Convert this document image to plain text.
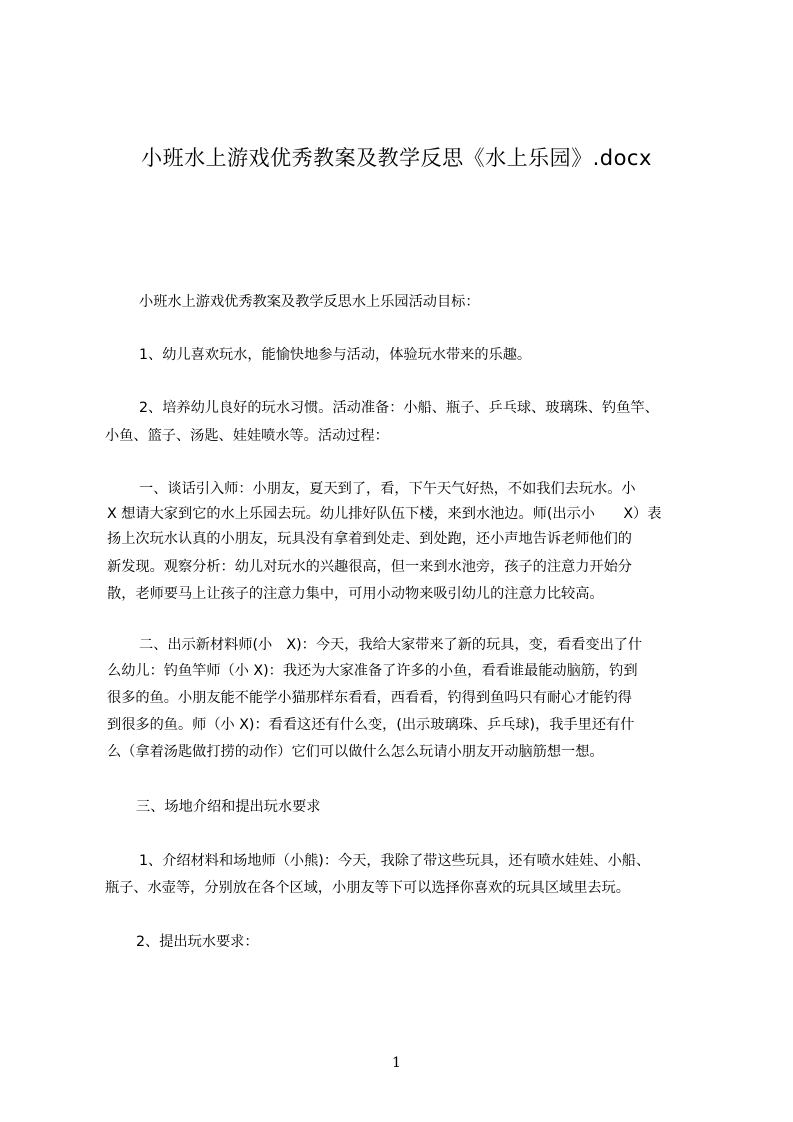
小班水上游戏优秀教案及教学反思《水上乐园》.docx
小班水上游戏优秀教案及教学反思水上乐园活动目标：
1、幼儿喜欢玩水，能愉快地参与活动，体验玩水带来的乐趣。
2、培养幼儿良好的玩水习惯。活动准备：小船、瓶子、乒乓球、玻璃珠、钓鱼竿、
小鱼、篮子、汤匙、娃娃喷水等。活动过程：
一、谈话引入师：小朋友，夏天到了，看，下午天气好热，不如我们去玩水。小
X 想请大家到它的水上乐园去玩。幼儿排好队伍下楼，来到水池边。师(出示小　　X）表
扬上次玩水认真的小朋友，玩具没有拿着到处走、到处跑，还小声地告诉老师他们的
新发现。观察分析：幼儿对玩水的兴趣很高，但一来到水池旁，孩子的注意力开始分
散，老师要马上让孩子的注意力集中，可用小动物来吸引幼儿的注意力比较高。
二、出示新材料师(小　X)：今天，我给大家带来了新的玩具，变，看看变出了什
么幼儿：钓鱼竿师（小 X)：我还为大家准备了许多的小鱼，看看谁最能动脑筋，钓到
很多的鱼。小朋友能不能学小猫那样东看看，西看看，钓得到鱼吗只有耐心才能钓得
到很多的鱼。师（小 X)：看看这还有什么变，(出示玻璃珠、乒乓球)，我手里还有什
么（拿着汤匙做打捞的动作）它们可以做什么怎么玩请小朋友开动脑筋想一想。
三、场地介绍和提出玩水要求
1、介绍材料和场地师（小熊)：今天，我除了带这些玩具，还有喷水娃娃、小船、
瓶子、水壶等，分别放在各个区域，小朋友等下可以选择你喜欢的玩具区域里去玩。
2、提出玩水要求：
1
